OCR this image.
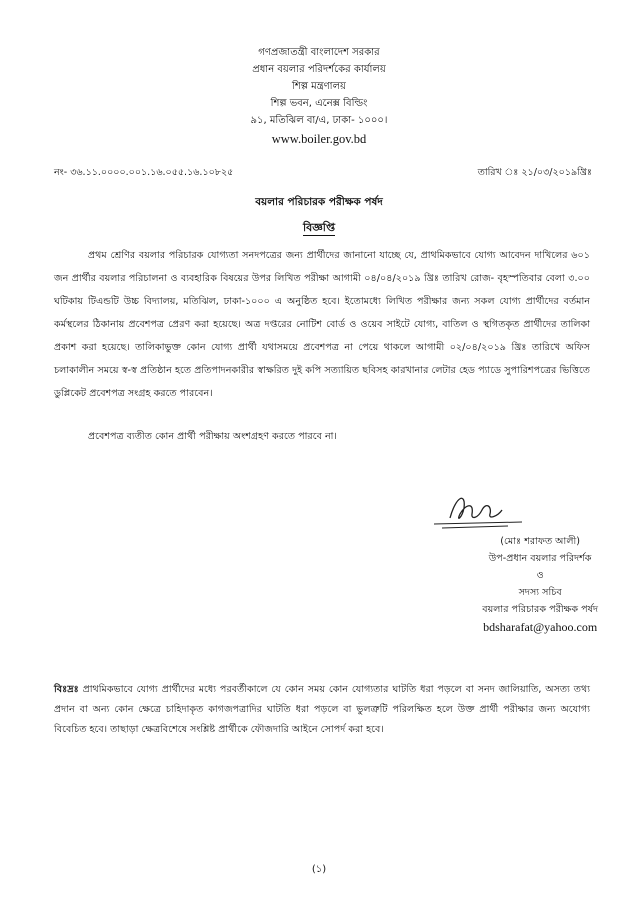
গণপ্রজাতন্ত্রী বাংলাদেশ সরকার
প্রধান বয়লার পরিদর্শকের কার্যালয়
শিল্প মন্ত্রণালয়
শিল্প ভবন, এনেক্স বিল্ডিং
৯১, মতিঝিল বা/এ, ঢাকা- ১০০০।
www.boiler.gov.bd
নং- ৩৬.১১.০০০০.০০১.১৬.০৫৫.১৬.১০৮২৫	তারিখ ঃ ২১/০৩/২০১৯খ্রিঃ
বয়লার পরিচারক পরীক্ষক পর্ষদ
বিজ্ঞপ্তি
প্রথম শ্রেণির বয়লার পরিচারক যোগ্যতা সনদপত্রের জন্য প্রার্থীদের জানানো যাচ্ছে যে, প্রাথমিকভাবে যোগ্য আবেদন দাখিলের ৬০১ জন প্রার্থীর বয়লার পরিচালনা ও ব্যবহারিক বিষয়ের উপর লিখিত পরীক্ষা আগামী ০৪/০৪/২০১৯ খ্রিঃ তারিখ রোজ- বৃহস্পতিবার বেলা ৩.০০ ঘটিকায় টিএন্ডটি উচ্চ বিদ্যালয়, মতিঝিল, ঢাকা-১০০০ এ অনুষ্ঠিত হবে। ইতোমধ্যে লিখিত পরীক্ষার জন্য সকল যোগ্য প্রার্থীদের বর্তমান কর্মস্থলের ঠিকানায় প্রবেশপত্র প্রেরণ করা হয়েছে। অত্র দপ্তরের নোটিশ বোর্ড ও ওয়েব সাইটে যোগ্য, বাতিল ও স্থগিতকৃত প্রার্থীদের তালিকা প্রকাশ করা হয়েছে। তালিকাভুক্ত কোন যোগ্য প্রার্থী যথাসময়ে প্রবেশপত্র না পেয়ে থাকলে আগামী ০২/০৪/২০১৯ খ্রিঃ তারিখে অফিস চলাকালীন সময়ে স্ব-স্ব প্রতিষ্ঠান হতে প্রতিপাদনকারীর স্বাক্ষরিত দুই কপি সত্যায়িত ছবিসহ কারখানার লেটার হেড প্যাডে সুপারিশপত্রের ভিত্তিতে ডুপ্লিকেট প্রবেশপত্র সংগ্রহ করতে পারবেন।
প্রবেশপত্র ব্যতীত কোন প্রার্থী পরীক্ষায় অংশগ্রহণ করতে পারবে না।
(মোঃ শরাফত আলী)
উপ-প্রধান বয়লার পরিদর্শক
ও
সদস্য সচিব
বয়লার পরিচারক পরীক্ষক পর্ষদ
bdsharafat@yahoo.com
বিঃদ্রঃ প্রাথমিকভাবে যোগ্য প্রার্থীদের মধ্যে পরবর্তীকালে যে কোন সময় কোন যোগ্যতার ঘাটতি ধরা পড়লে বা সনদ জালিয়াতি, অসত্য তথ্য প্রদান বা অন্য কোন ক্ষেত্রে চাহিদাকৃত কাগজপত্রাদির ঘাটতি ধরা পড়লে বা ভুলত্রুটি পরিলক্ষিত হলে উক্ত প্রার্থী পরীক্ষার জন্য অযোগ্য বিবেচিত হবে। তাছাড়া ক্ষেত্রবিশেষে সংশ্লিষ্ট প্রার্থীকে ফৌজদারি আইনে সোপর্দ করা হবে।
(১)
